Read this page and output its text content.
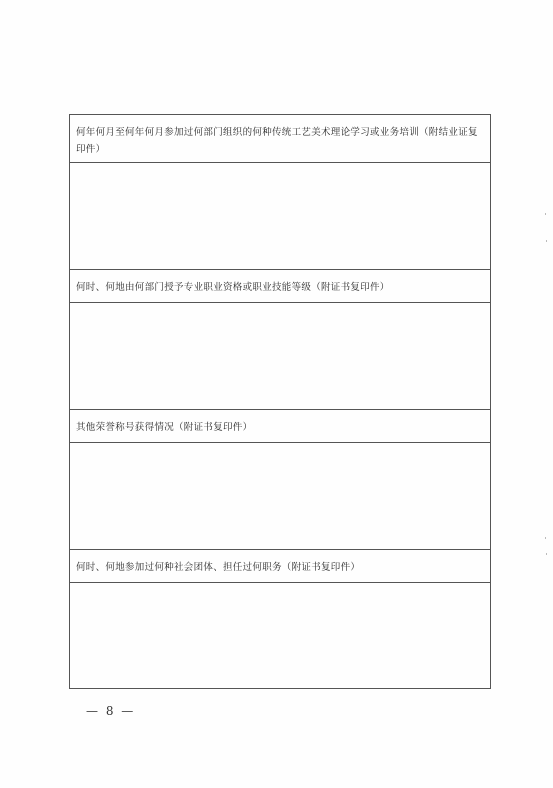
何年何月至何年何月参加过何部门组织的何种传统工艺美术理论学习或业务培训（附结业证复印件）
何时、何地由何部门授予专业职业资格或职业技能等级（附证书复印件）
其他荣誉称号获得情况（附证书复印件）
何时、何地参加过何种社会团体、担任过何职务（附证书复印件）
— 8 —
